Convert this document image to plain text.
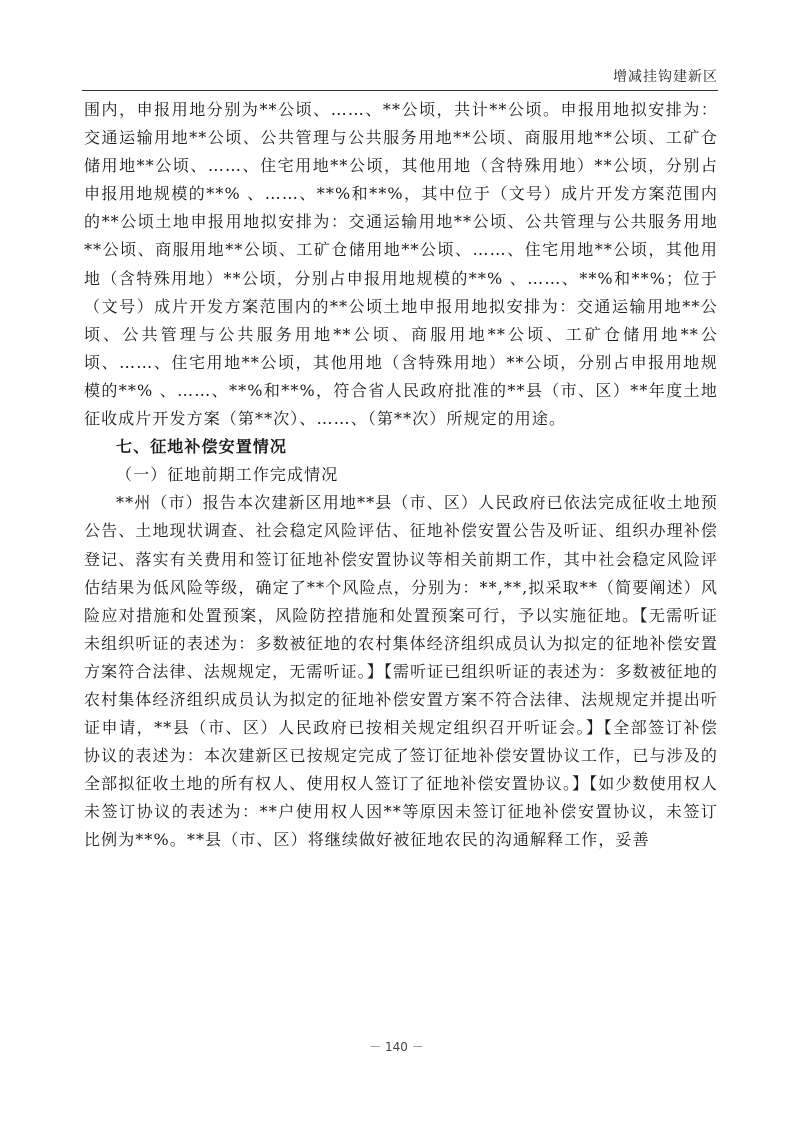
增减挂钩建新区

围内，申报用地分别为**公顷、……、**公顷，共计**公顷。申报用地拟安排为：交通运输用地**公顷、公共管理与公共服务用地**公顷、商服用地**公顷、工矿仓储用地**公顷、……、住宅用地**公顷，其他用地（含特殊用地）**公顷，分别占申报用地规模的**% 、……、**%和**%，其中位于（文号）成片开发方案范围内的**公顷土地申报用地拟安排为：交通运输用地**公顷、公共管理与公共服务用地**公顷、商服用地**公顷、工矿仓储用地**公顷、……、住宅用地**公顷，其他用地（含特殊用地）**公顷，分别占申报用地规模的**% 、……、**%和**%；位于（文号）成片开发方案范围内的**公顷土地申报用地拟安排为：交通运输用地**公顷、公共管理与公共服务用地**公顷、商服用地**公顷、工矿仓储用地**公顷、……、住宅用地**公顷，其他用地（含特殊用地）**公顷，分别占申报用地规模的**% 、……、**%和**%，符合省人民政府批准的**县（市、区）**年度土地征收成片开发方案（第**次）、……、（第**次）所规定的用途。

七、征地补偿安置情况

（一）征地前期工作完成情况

**州（市）报告本次建新区用地**县（市、区）人民政府已依法完成征收土地预公告、土地现状调查、社会稳定风险评估、征地补偿安置公告及听证、组织办理补偿登记、落实有关费用和签订征地补偿安置协议等相关前期工作，其中社会稳定风险评估结果为低风险等级，确定了**个风险点，分别为：**,**,拟采取**（简要阐述）风险应对措施和处置预案，风险防控措施和处置预案可行，予以实施征地。【无需听证未组织听证的表述为：多数被征地的农村集体经济组织成员认为拟定的征地补偿安置方案符合法律、法规规定，无需听证。】【需听证已组织听证的表述为：多数被征地的农村集体经济组织成员认为拟定的征地补偿安置方案不符合法律、法规规定并提出听证申请，**县（市、区）人民政府已按相关规定组织召开听证会。】【全部签订补偿协议的表述为：本次建新区已按规定完成了签订征地补偿安置协议工作，已与涉及的全部拟征收土地的所有权人、使用权人签订了征地补偿安置协议。】【如少数使用权人未签订协议的表述为：**户使用权人因**等原因未签订征地补偿安置协议，未签订比例为**%。**县（市、区）将继续做好被征地农民的沟通解释工作，妥善

－ 140 －
